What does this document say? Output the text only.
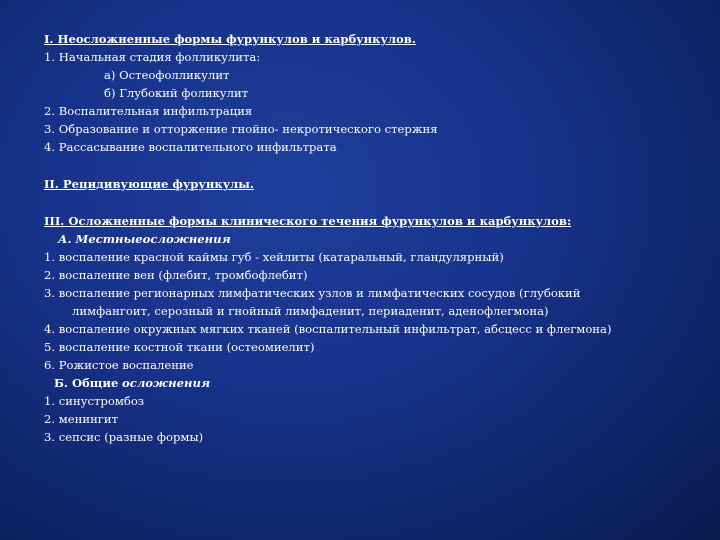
I. Неосложненные формы фурункулов и карбункулов.
1. Начальная стадия фолликулита:
а) Остеофолликулит
б) Глубокий фоликулит
2. Воспалительная инфильтрация
3. Образование и отторжение гнойно- некротического стержня
4. Рассасывание воспалительного инфильтрата
II. Рецидивующие фурункулы.
III. Осложненные формы клинического течения фурункулов и карбункулов:
А. Местныеосложнения
1. воспаление красной каймы губ - хейлиты (катаральный, гландулярный)
2. воспаление вен (флебит, тромбофлебит)
3. воспаление регионарных лимфатических узлов и лимфатических сосудов (глубокий
лимфангоит, серозный и гнойный лимфаденит, периаденит, аденофлегмона)
4. воспаление окружных мягких тканей (воспалительный инфильтрат, абсцесс и флегмона)
5. воспаление костной ткани (остеомиелит)
6. Рожистое воспаление
Б. Общие осложнения
1. синустромбоз
2. менингит
3. сепсис (разные формы)
